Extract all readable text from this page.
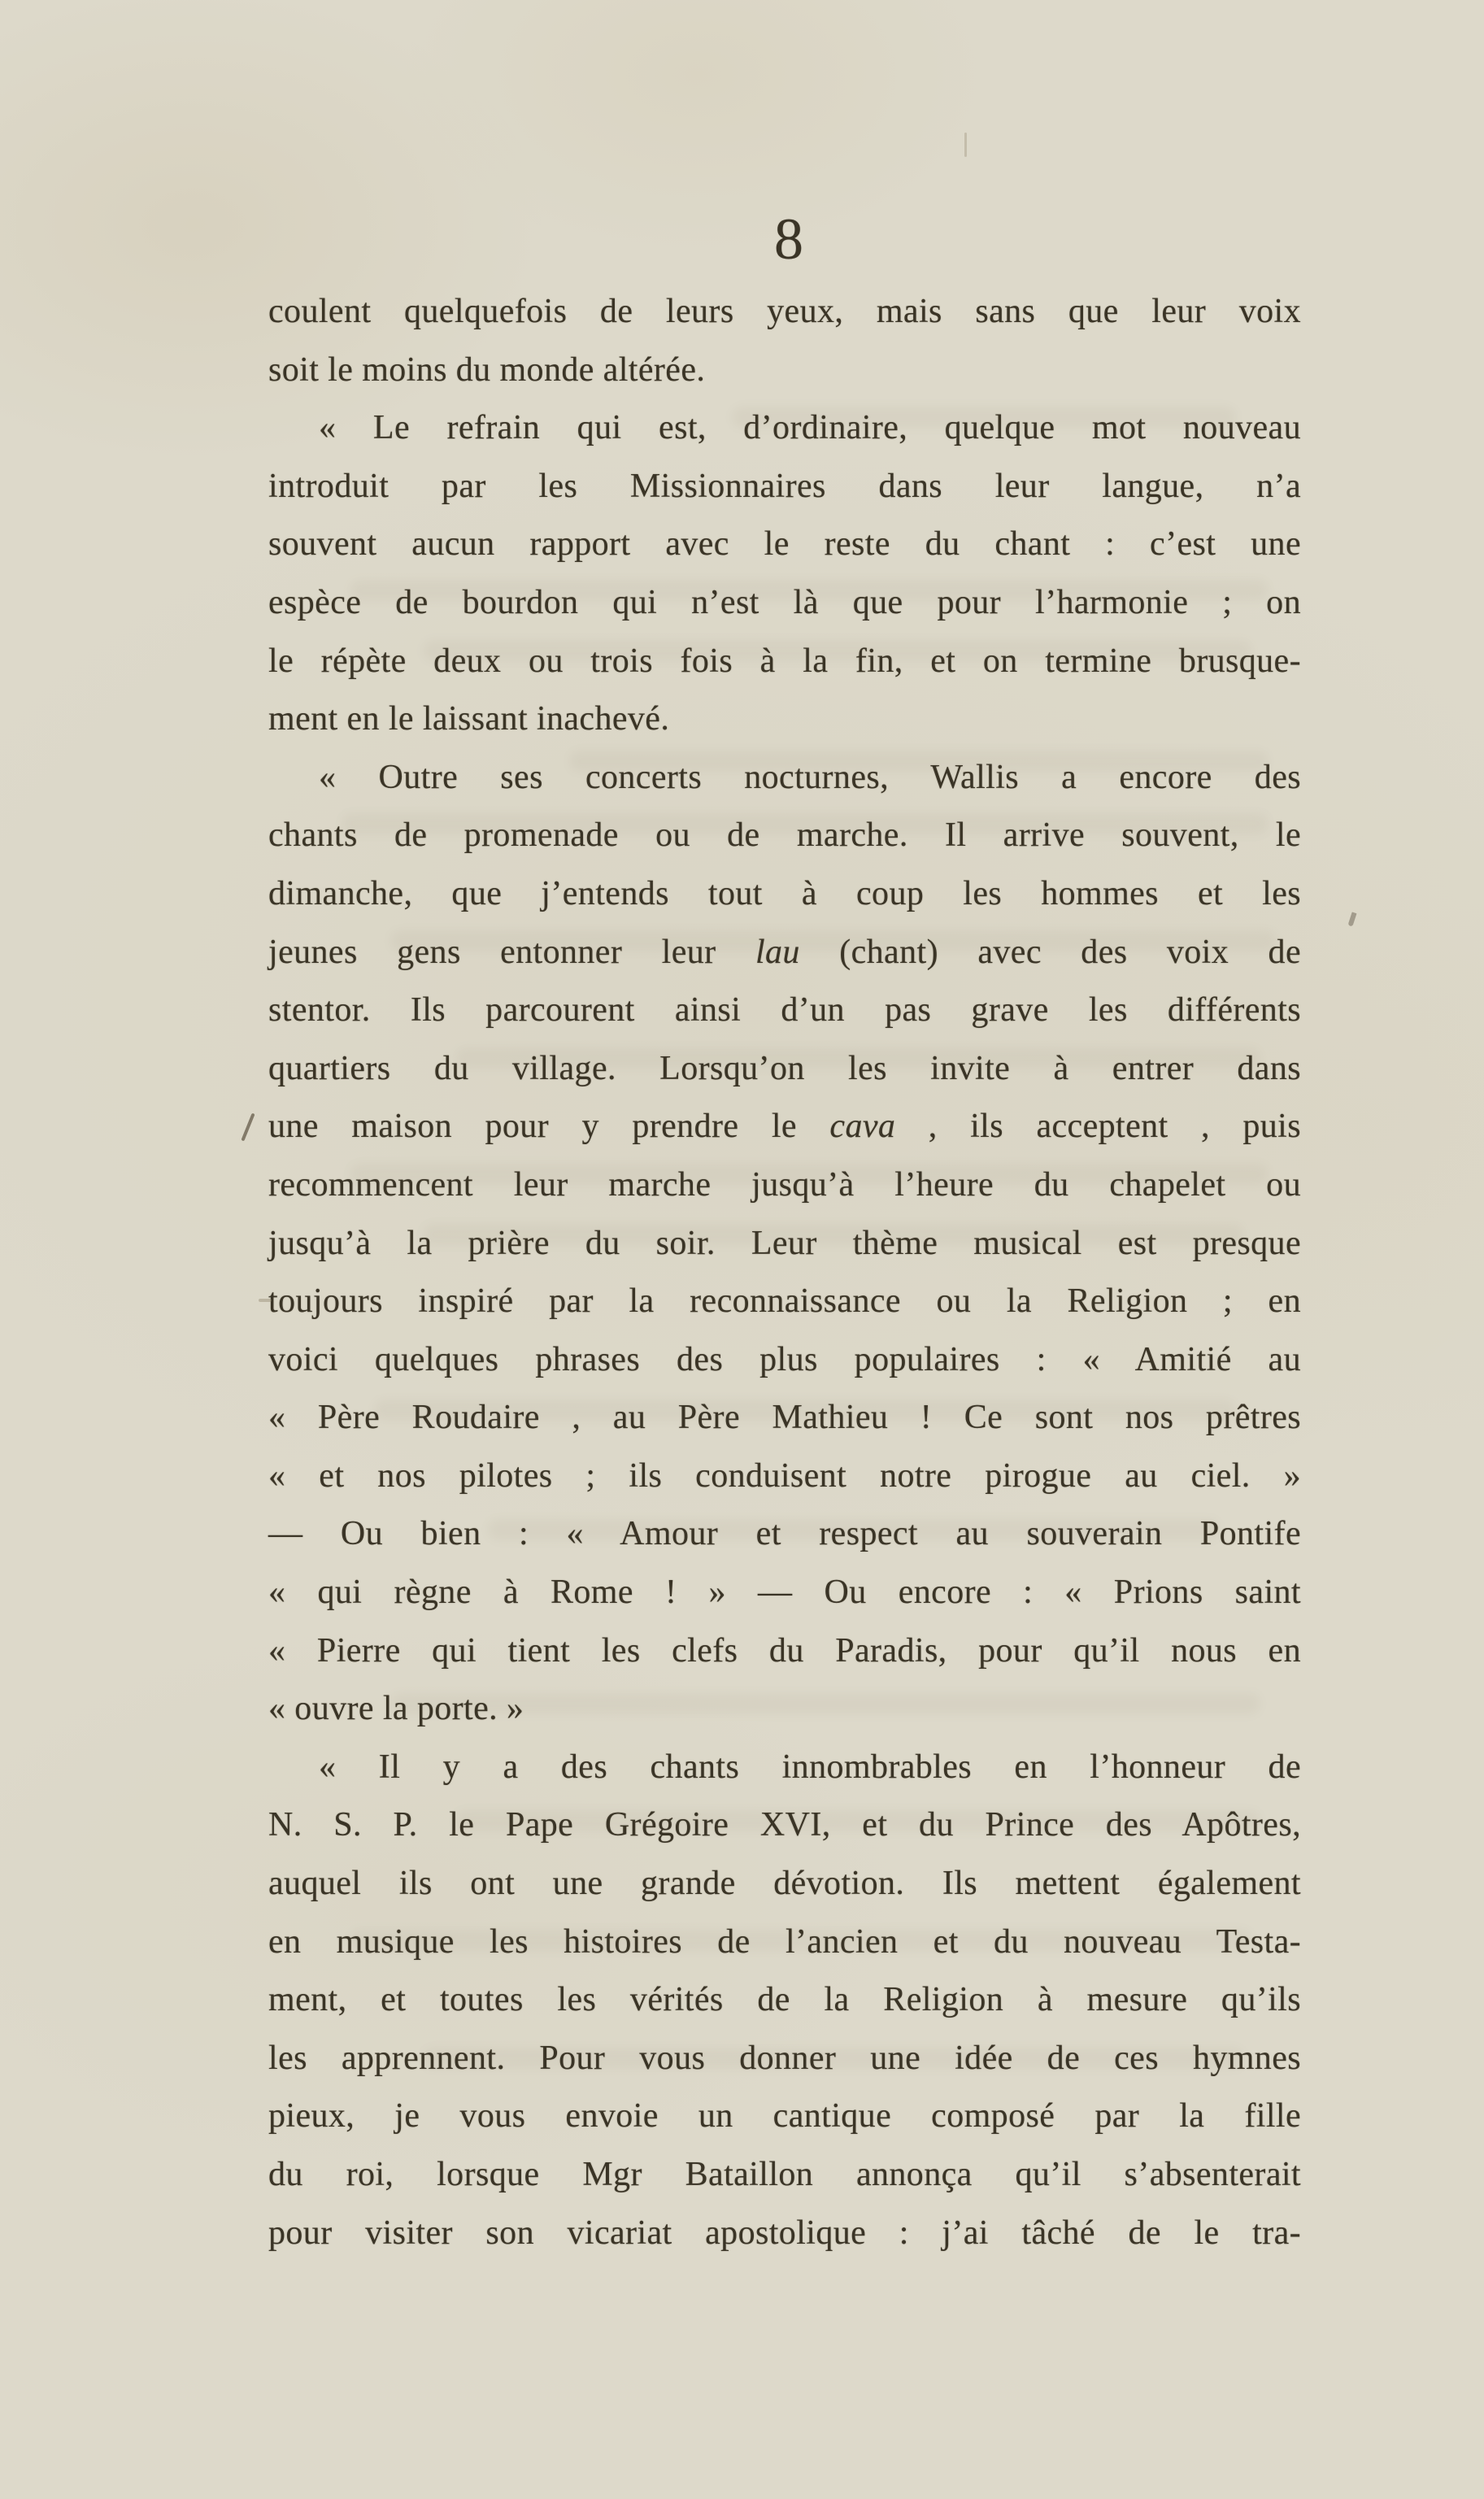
8
coulent quelquefois de leurs yeux, mais sans que leur voix
soit le moins du monde altérée.
« Le refrain qui est, d’ordinaire, quelque mot nouveau
introduit par les Missionnaires dans leur langue, n’a
souvent aucun rapport avec le reste du chant : c’est une
espèce de bourdon qui n’est là que pour l’harmonie ; on
le répète deux ou trois fois à la fin, et on termine brusque-
ment en le laissant inachevé.
« Outre ses concerts nocturnes, Wallis a encore des
chants de promenade ou de marche. Il arrive souvent, le
dimanche, que j’entends tout à coup les hommes et les
jeunes gens entonner leur lau (chant) avec des voix de
stentor. Ils parcourent ainsi d’un pas grave les différents
quartiers du village. Lorsqu’on les invite à entrer dans
une maison pour y prendre le cava , ils acceptent , puis
recommencent leur marche jusqu’à l’heure du chapelet ou
jusqu’à la prière du soir. Leur thème musical est presque
toujours inspiré par la reconnaissance ou la Religion ; en
voici quelques phrases des plus populaires : « Amitié au
« Père Roudaire , au Père Mathieu ! Ce sont nos prêtres
« et nos pilotes ; ils conduisent notre pirogue au ciel. »
— Ou bien : « Amour et respect au souverain Pontife
« qui règne à Rome ! » — Ou encore : « Prions saint
« Pierre qui tient les clefs du Paradis, pour qu’il nous en
« ouvre la porte. »
« Il y a des chants innombrables en l’honneur de
N. S. P. le Pape Grégoire XVI, et du Prince des Apôtres,
auquel ils ont une grande dévotion. Ils mettent également
en musique les histoires de l’ancien et du nouveau Testa-
ment, et toutes les vérités de la Religion à mesure qu’ils
les apprennent. Pour vous donner une idée de ces hymnes
pieux, je vous envoie un cantique composé par la fille
du roi, lorsque Mgr Bataillon annonça qu’il s’absenterait
pour visiter son vicariat apostolique : j’ai tâché de le tra-
